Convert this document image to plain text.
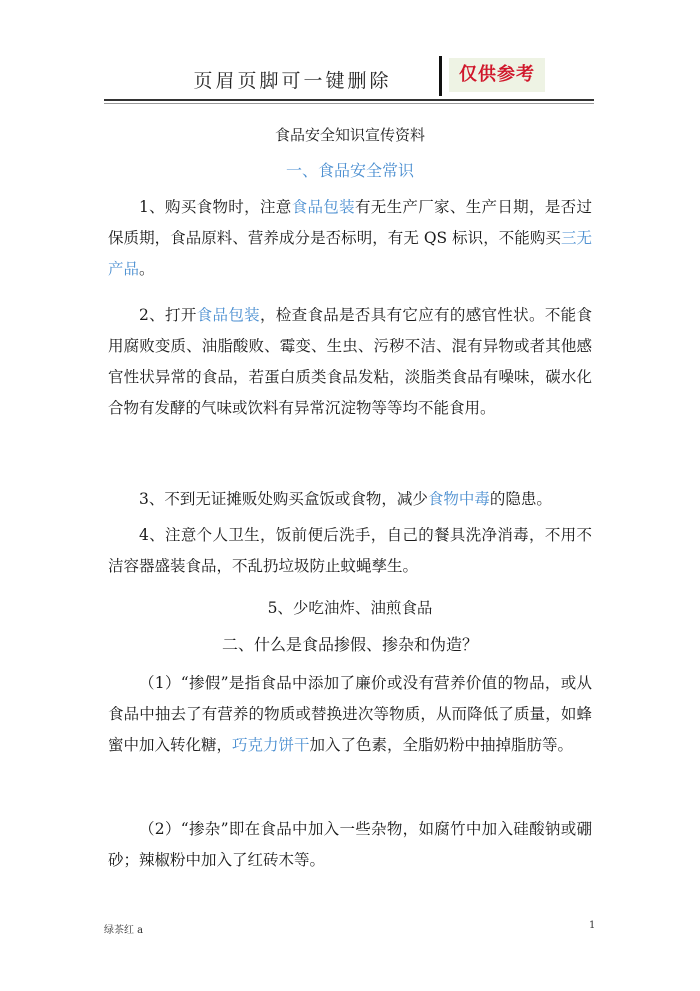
页眉页脚可一键删除	仅供参考
食品安全知识宣传资料
一、食品安全常识
1、购买食物时，注意食品包装有无生产厂家、生产日期，是否过保质期，食品原料、营养成分是否标明，有无 QS 标识，不能购买三无产品。
2、打开食品包装，检查食品是否具有它应有的感官性状。不能食用腐败变质、油脂酸败、霉变、生虫、污秽不洁、混有异物或者其他感官性状异常的食品，若蛋白质类食品发粘，淡脂类食品有噪味，碳水化合物有发酵的气味或饮料有异常沉淀物等等均不能食用。
3、不到无证摊贩处购买盒饭或食物，减少食物中毒的隐患。
4、注意个人卫生，饭前便后洗手，自己的餐具洗净消毒，不用不洁容器盛装食品，不乱扔垃圾防止蚊蝇孳生。
5、少吃油炸、油煎食品
二、什么是食品掺假、掺杂和伪造？
（1）“掺假”是指食品中添加了廉价或没有营养价值的物品，或从食品中抽去了有营养的物质或替换进次等物质，从而降低了质量，如蜂蜜中加入转化糖，巧克力饼干加入了色素，全脂奶粉中抽掉脂肪等。
（2）“掺杂”即在食品中加入一些杂物，如腐竹中加入硅酸钠或硼砂；辣椒粉中加入了红砖木等。
绿茶红 a	1
